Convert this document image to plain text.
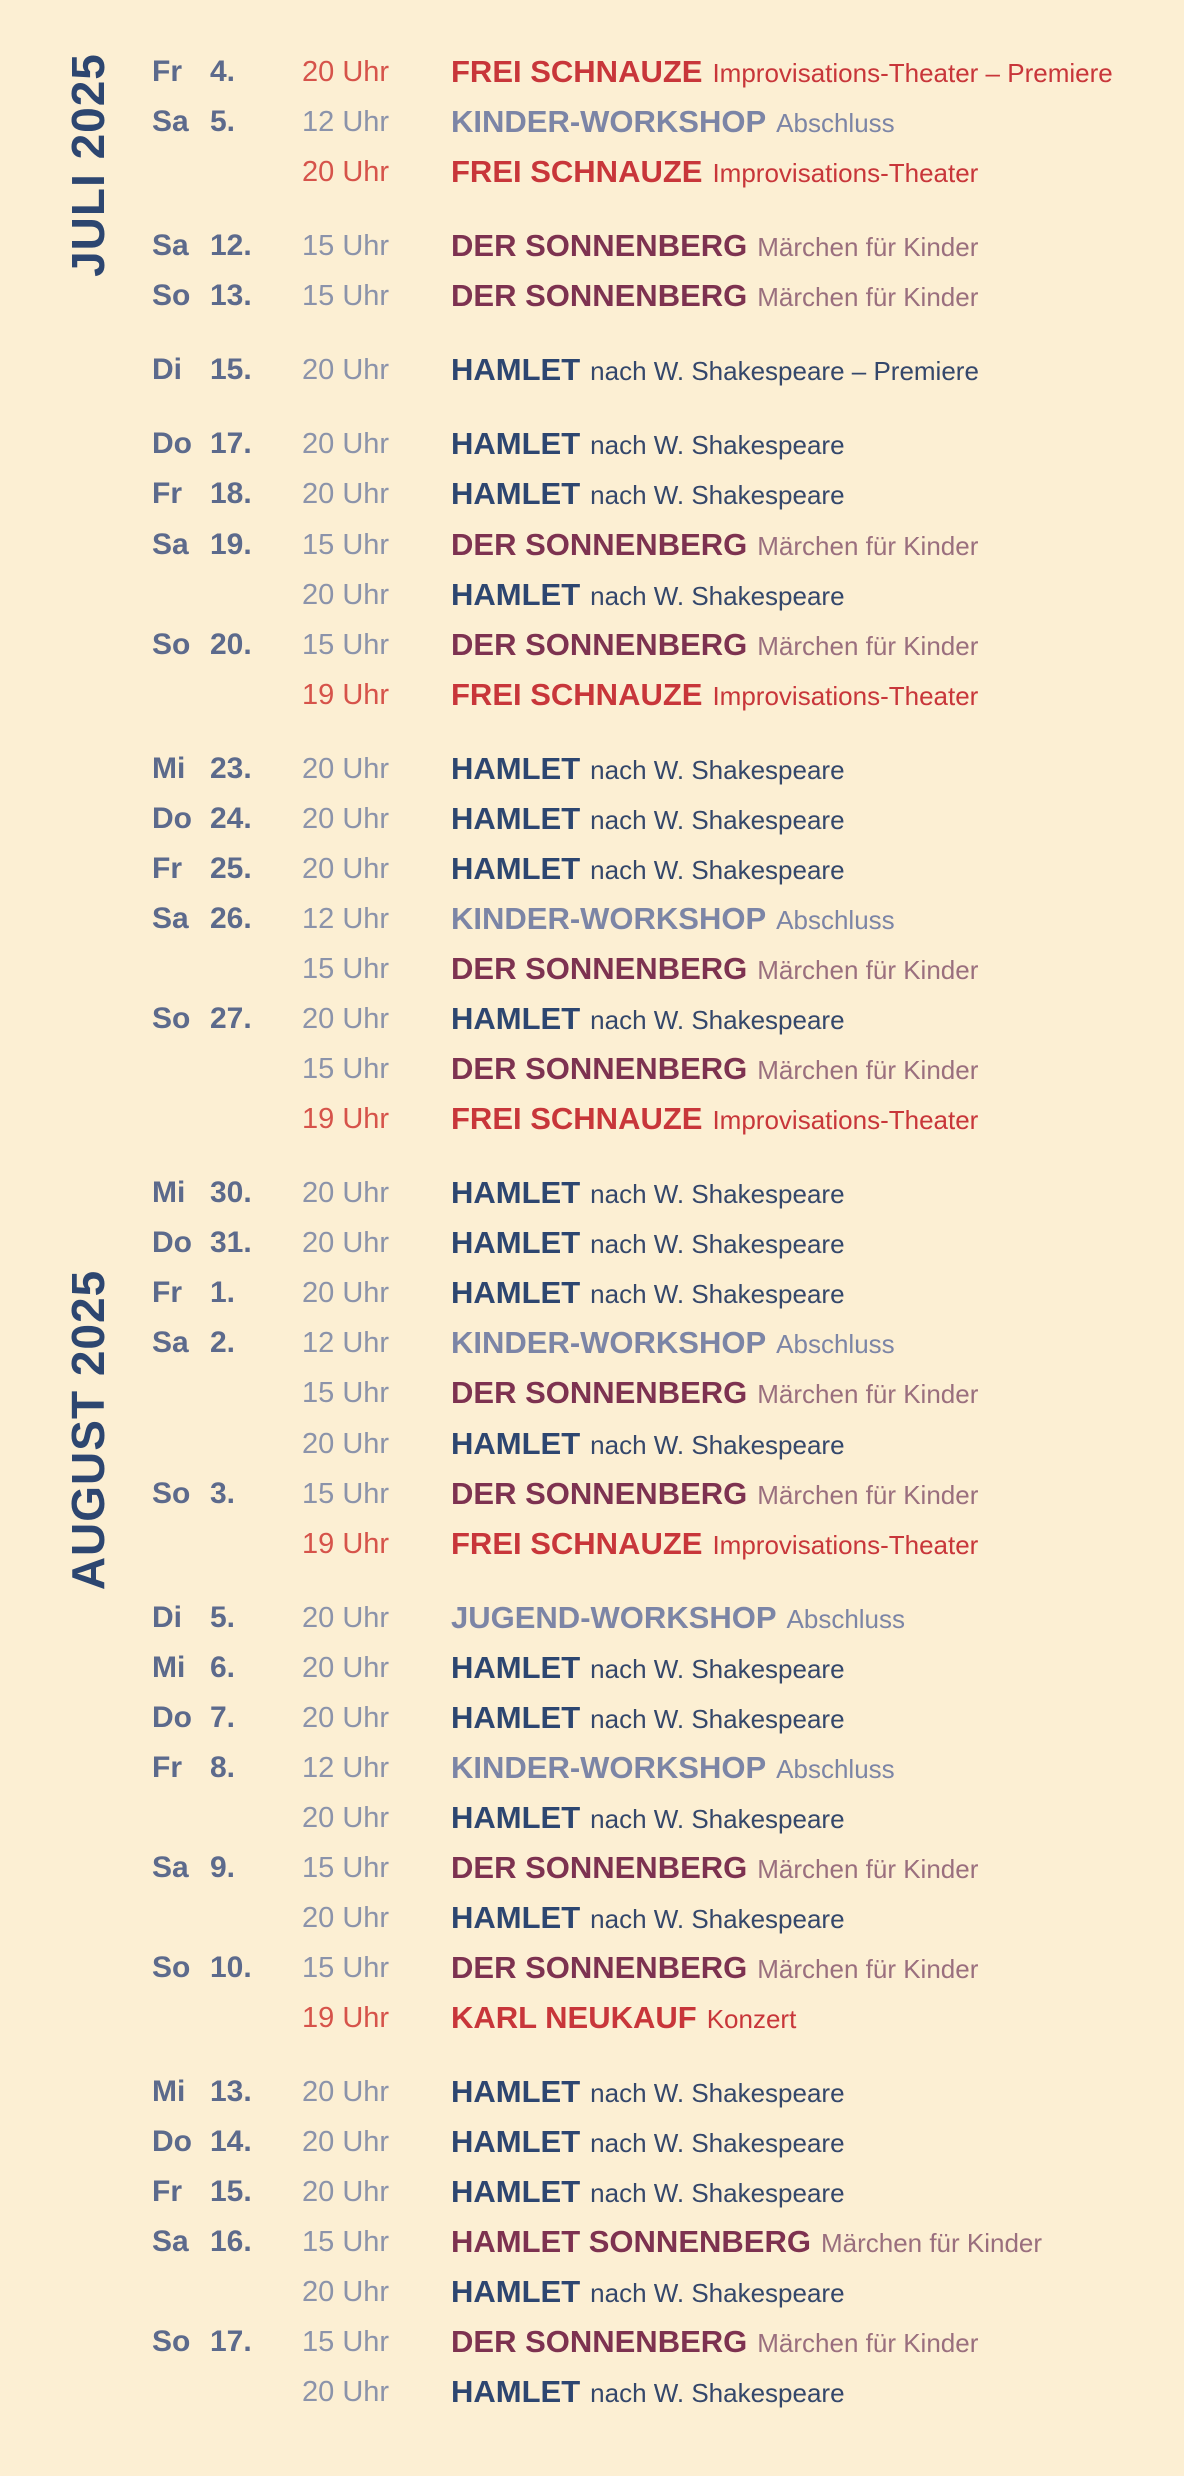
JULI 2025
AUGUST 2025
Fr 4. 20 Uhr FREI SCHNAUZE Improvisations-Theater – Premiere
Sa 5. 12 Uhr KINDER-WORKSHOP Abschluss
20 Uhr FREI SCHNAUZE Improvisations-Theater
Sa 12. 15 Uhr DER SONNENBERG Märchen für Kinder
So 13. 15 Uhr DER SONNENBERG Märchen für Kinder
Di 15. 20 Uhr HAMLET nach W. Shakespeare – Premiere
Do 17. 20 Uhr HAMLET nach W. Shakespeare
Fr 18. 20 Uhr HAMLET nach W. Shakespeare
Sa 19. 15 Uhr DER SONNENBERG Märchen für Kinder
20 Uhr HAMLET nach W. Shakespeare
So 20. 15 Uhr DER SONNENBERG Märchen für Kinder
19 Uhr FREI SCHNAUZE Improvisations-Theater
Mi 23. 20 Uhr HAMLET nach W. Shakespeare
Do 24. 20 Uhr HAMLET nach W. Shakespeare
Fr 25. 20 Uhr HAMLET nach W. Shakespeare
Sa 26. 12 Uhr KINDER-WORKSHOP Abschluss
15 Uhr DER SONNENBERG Märchen für Kinder
So 27. 20 Uhr HAMLET nach W. Shakespeare
15 Uhr DER SONNENBERG Märchen für Kinder
19 Uhr FREI SCHNAUZE Improvisations-Theater
Mi 30. 20 Uhr HAMLET nach W. Shakespeare
Do 31. 20 Uhr HAMLET nach W. Shakespeare
Fr 1. 20 Uhr HAMLET nach W. Shakespeare
Sa 2. 12 Uhr KINDER-WORKSHOP Abschluss
15 Uhr DER SONNENBERG Märchen für Kinder
20 Uhr HAMLET nach W. Shakespeare
So 3. 15 Uhr DER SONNENBERG Märchen für Kinder
19 Uhr FREI SCHNAUZE Improvisations-Theater
Di 5. 20 Uhr JUGEND-WORKSHOP Abschluss
Mi 6. 20 Uhr HAMLET nach W. Shakespeare
Do 7. 20 Uhr HAMLET nach W. Shakespeare
Fr 8. 12 Uhr KINDER-WORKSHOP Abschluss
20 Uhr HAMLET nach W. Shakespeare
Sa 9. 15 Uhr DER SONNENBERG Märchen für Kinder
20 Uhr HAMLET nach W. Shakespeare
So 10. 15 Uhr DER SONNENBERG Märchen für Kinder
19 Uhr KARL NEUKAUF Konzert
Mi 13. 20 Uhr HAMLET nach W. Shakespeare
Do 14. 20 Uhr HAMLET nach W. Shakespeare
Fr 15. 20 Uhr HAMLET nach W. Shakespeare
Sa 16. 15 Uhr HAMLET SONNENBERG Märchen für Kinder
20 Uhr HAMLET nach W. Shakespeare
So 17. 15 Uhr DER SONNENBERG Märchen für Kinder
20 Uhr HAMLET nach W. Shakespeare
